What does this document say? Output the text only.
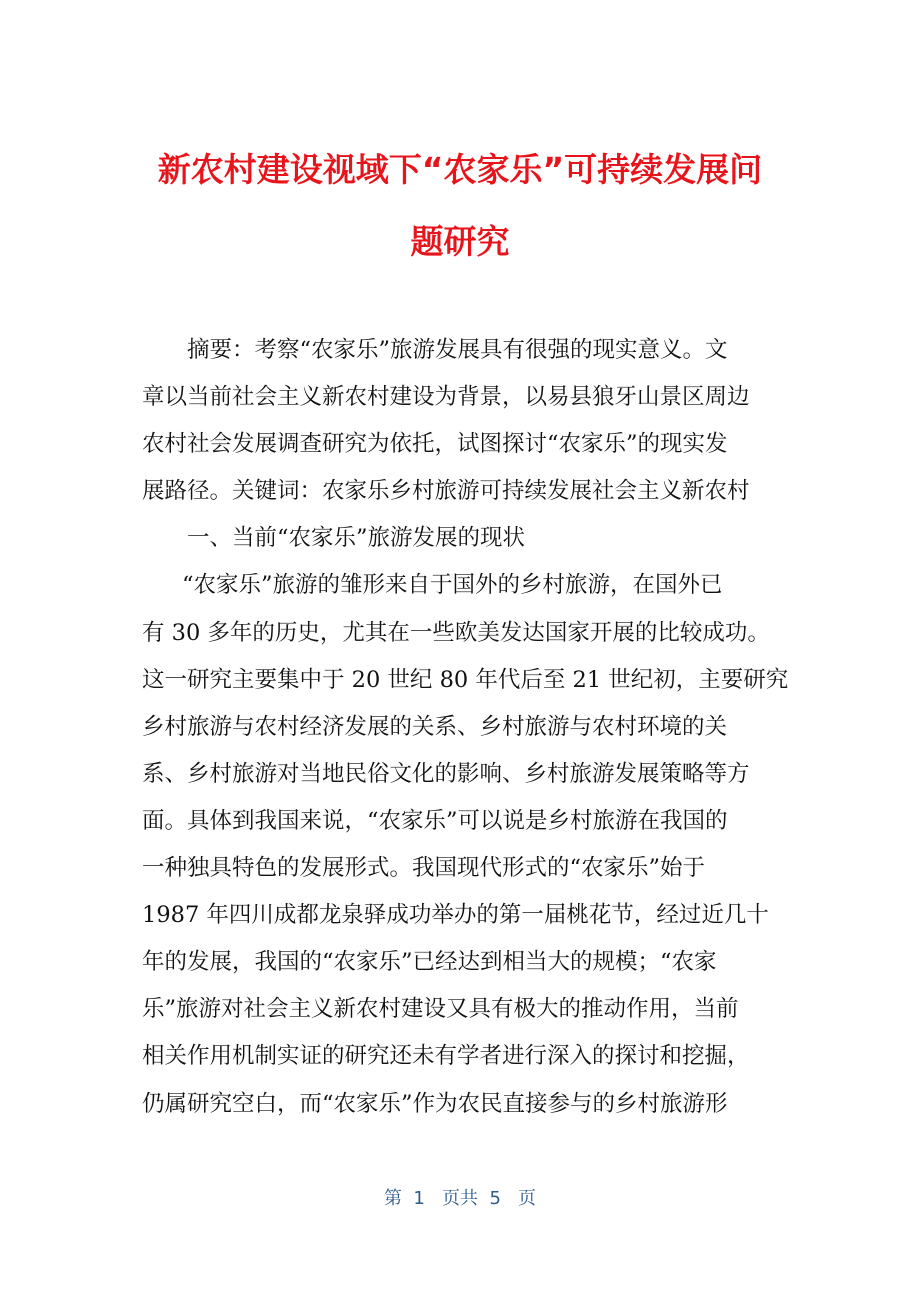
新农村建设视域下“农家乐”可持续发展问
题研究
摘要：考察“农家乐”旅游发展具有很强的现实意义。文
章以当前社会主义新农村建设为背景，以易县狼牙山景区周边
农村社会发展调查研究为依托，试图探讨“农家乐”的现实发
展路径。关键词：农家乐乡村旅游可持续发展社会主义新农村
一、当前“农家乐”旅游发展的现状
“农家乐”旅游的雏形来自于国外的乡村旅游，在国外已
有 30 多年的历史，尤其在一些欧美发达国家开展的比较成功。
这一研究主要集中于 20 世纪 80 年代后至 21 世纪初，主要研究
乡村旅游与农村经济发展的关系、乡村旅游与农村环境的关
系、乡村旅游对当地民俗文化的影响、乡村旅游发展策略等方
面。具体到我国来说，“农家乐”可以说是乡村旅游在我国的
一种独具特色的发展形式。我国现代形式的“农家乐”始于
1987 年四川成都龙泉驿成功举办的第一届桃花节，经过近几十
年的发展，我国的“农家乐”已经达到相当大的规模；“农家
乐”旅游对社会主义新农村建设又具有极大的推动作用，当前
相关作用机制实证的研究还未有学者进行深入的探讨和挖掘，
仍属研究空白，而“农家乐”作为农民直接参与的乡村旅游形
第  1   页共  5   页
